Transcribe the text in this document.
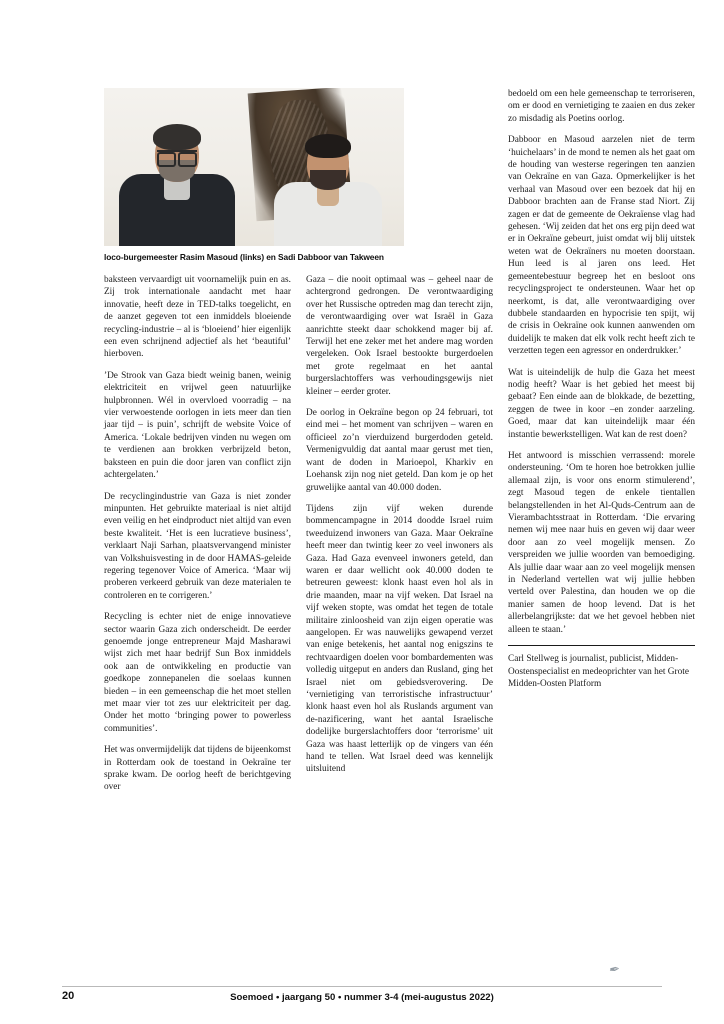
loco-burgemeester Rasim Masoud (links) en Sadi Dabboor van Takween

baksteen vervaardigt uit voornamelijk puin en as. Zij trok internationale aandacht met haar innovatie, heeft deze in TED-talks toegelicht, en de aanzet gegeven tot een inmiddels bloeiende recycling-industrie – al is ‘bloeiend’ hier eigenlijk een even schrijnend adjectief als het ‘beautiful’ hierboven.

’De Strook van Gaza biedt weinig banen, weinig elektriciteit en vrijwel geen natuurlijke hulpbronnen. Wél in overvloed voorradig – na vier verwoestende oorlogen in iets meer dan tien jaar tijd – is puin’, schrijft de website Voice of America. ‘Lokale bedrijven vinden nu wegen om te verdienen aan brokken verbrijzeld beton, baksteen en puin die door jaren van conflict zijn achtergelaten.’

De recyclingindustrie van Gaza is niet zonder minpunten. Het gebruikte materiaal is niet altijd even veilig en het eindproduct niet altijd van even beste kwaliteit. ‘Het is een lucratieve business’, verklaart Naji Sarhan, plaatsvervangend minister van Volkshuisvesting in de door HAMAS-geleide regering tegenover Voice of America. ‘Maar wij proberen verkeerd gebruik van deze materialen te controleren en te corrigeren.’

Recycling is echter niet de enige innovatieve sector waarin Gaza zich onderscheidt. De eerder genoemde jonge entrepreneur Majd Masharawi wijst zich met haar bedrijf Sun Box inmiddels ook aan de ontwikkeling en productie van goedkope zonnepanelen die soelaas kunnen bieden – in een gemeenschap die het moet stellen met maar vier tot zes uur elektriciteit per dag. Onder het motto ‘bringing power to powerless communities’.

Het was onvermijdelijk dat tijdens de bijeenkomst in Rotterdam ook de toestand in Oekraïne ter sprake kwam. De oorlog heeft de berichtgeving over

Gaza – die nooit optimaal was – geheel naar de achtergrond gedrongen. De verontwaardiging over het Russische optreden mag dan terecht zijn, de verontwaardiging over wat Israël in Gaza aanrichtte steekt daar schokkend mager bij af. Terwijl het ene zeker met het andere mag worden vergeleken. Ook Israel bestookte burgerdoelen met grote regelmaat en het aantal burgerslachtoffers was verhoudingsgewijs niet kleiner – eerder groter.

De oorlog in Oekraïne begon op 24 februari, tot eind mei – het moment van schrijven – waren en officieel zo’n vierduizend burgerdoden geteld. Vermenigvuldig dat aantal maar gerust met tien, want de doden in Marioepol, Kharkiv en Loehansk zijn nog niet geteld. Dan kom je op het gruwelijke aantal van 40.000 doden.

Tijdens zijn vijf weken durende bommencampagne in 2014 doodde Israel ruim tweeduizend inwoners van Gaza. Maar Oekraïne heeft meer dan twintig keer zo veel inwoners als Gaza. Had Gaza evenveel inwoners geteld, dan waren er daar wellicht ook 40.000 doden te betreuren geweest: klonk haast even hol als in drie maanden, maar na vijf weken. Dat Israel na vijf weken stopte, was omdat het tegen de totale militaire zinloosheid van zijn eigen operatie was aangelopen. Er was nauwelijks gewapend verzet van enige betekenis, het aantal nog enigszins te rechtvaardigen doelen voor bombardementen was volledig uitgeput en anders dan Rusland, ging het Israel niet om gebiedsverovering. De ‘vernietiging van terroristische infrastructuur’ klonk haast even hol als Ruslands argument van de-nazificering, want het aantal Israelische dodelijke burgerslachtoffers door ‘terrorisme’ uit Gaza was haast letterlijk op de vingers van één hand te tellen. Wat Israel deed was kennelijk uitsluitend

bedoeld om een hele gemeenschap te terroriseren, om er dood en vernietiging te zaaien en dus zeker zo misdadig als Poetins oorlog.

Dabboor en Masoud aarzelen niet de term ‘huichelaars’ in de mond te nemen als het gaat om de houding van westerse regeringen ten aanzien van Oekraïne en van Gaza. Opmerkelijker is het verhaal van Masoud over een bezoek dat hij en Dabboor brachten aan de Franse stad Niort. Zij zagen er dat de gemeente de Oekraïense vlag had gehesen. ‘Wij zeiden dat het ons erg pijn deed wat er in Oekraïne gebeurt, juist omdat wij blij uitstek weten wat de Oekraïners nu moeten doorstaan. Hun leed is al jaren ons leed. Het gemeentebestuur begreep het en besloot ons recyclingsproject te ondersteunen. Waar het op neerkomt, is dat, alle verontwaardiging over dubbele standaarden en hypocrisie ten spijt, wij de crisis in Oekraïne ook kunnen aanwenden om duidelijk te maken dat elk volk recht heeft zich te verzetten tegen een agressor en onderdrukker.’

Wat is uiteindelijk de hulp die Gaza het meest nodig heeft? Waar is het gebied het meest bij gebaat? Een einde aan de blokkade, de bezetting, zeggen de twee in koor –en zonder aarzeling. Goed, maar dat kan uiteindelijk maar één instantie bewerkstelligen. Wat kan de rest doen?

Het antwoord is misschien verrassend: morele ondersteuning. ‘Om te horen hoe betrokken jullie allemaal zijn, is voor ons enorm stimulerend’, zegt Masoud tegen de enkele tientallen belangstellenden in het Al-Quds-Centrum aan de Vierambachtsstraat in Rotterdam. ‘Die ervaring nemen wij mee naar huis en geven wij daar weer door aan zo veel mogelijk mensen. Zo verspreiden we jullie woorden van bemoediging. Als jullie daar waar aan zo veel mogelijk mensen in Nederland vertellen wat wij jullie hebben verteld over Palestina, dan houden we op die manier samen de hoop levend. Dat is het allerbelangrijkste: dat we het gevoel hebben niet alleen te staan.’

Carl Stellweg is journalist, publicist, Midden-Oostenspecialist en medeoprichter van het Grote Midden-Oosten Platform

✒︎
20	Soemoed • jaargang 50 • nummer 3-4 (mei-augustus 2022)
